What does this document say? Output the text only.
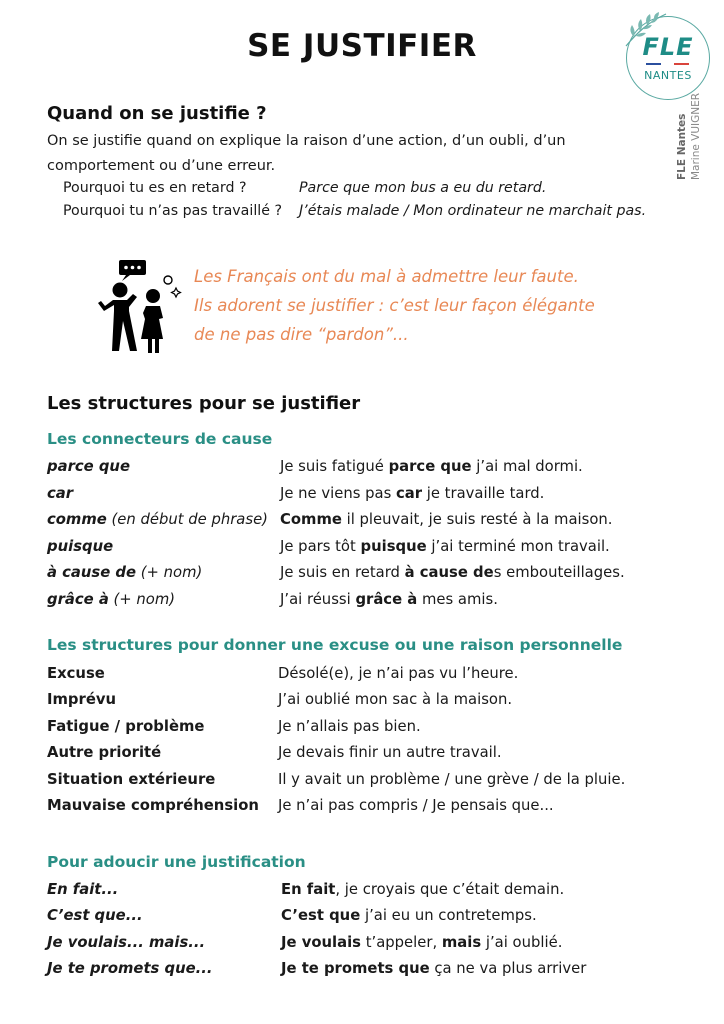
SE JUSTIFIER	FLE
NANTES
FLE Nantes Marine VUIGNER
Quand on se justifie ?
On se justifie quand on explique la raison d’une action, d’un oubli, d’un
comportement ou d’une erreur.
Pourquoi tu es en retard ?	Parce que mon bus a eu du retard.
Pourquoi tu n’as pas travaillé ? J’étais malade / Mon ordinateur ne marchait pas.
Les Français ont du mal à admettre leur faute.
Ils adorent se justifier : c’est leur façon élégante
de ne pas dire “pardon”...
Les structures pour se justifier
Les connecteurs de cause
parce que	Je suis fatigué parce que j’ai mal dormi.
car	Je ne viens pas car je travaille tard.
comme (en début de phrase) Comme il pleuvait, je suis resté à la maison.
puisque	Je pars tôt puisque j’ai terminé mon travail.
à cause de (+ nom)	Je suis en retard à cause des embouteillages.
grâce à (+ nom)	J’ai réussi grâce à mes amis.
Les structures pour donner une excuse ou une raison personnelle
Excuse	Désolé(e), je n’ai pas vu l’heure.
Imprévu	J’ai oublié mon sac à la maison.
Fatigue / problème	Je n’allais pas bien.
Autre priorité	Je devais finir un autre travail.
Situation extérieure	Il y avait un problème / une grève / de la pluie.
Mauvaise compréhension Je n’ai pas compris / Je pensais que...
Pour adoucir une justification
En fait...	En fait, je croyais que c’était demain.
C’est que...	C’est que j’ai eu un contretemps.
Je voulais... mais...	Je voulais t’appeler, mais j’ai oublié.
Je te promets que...	Je te promets que ça ne va plus arriver
